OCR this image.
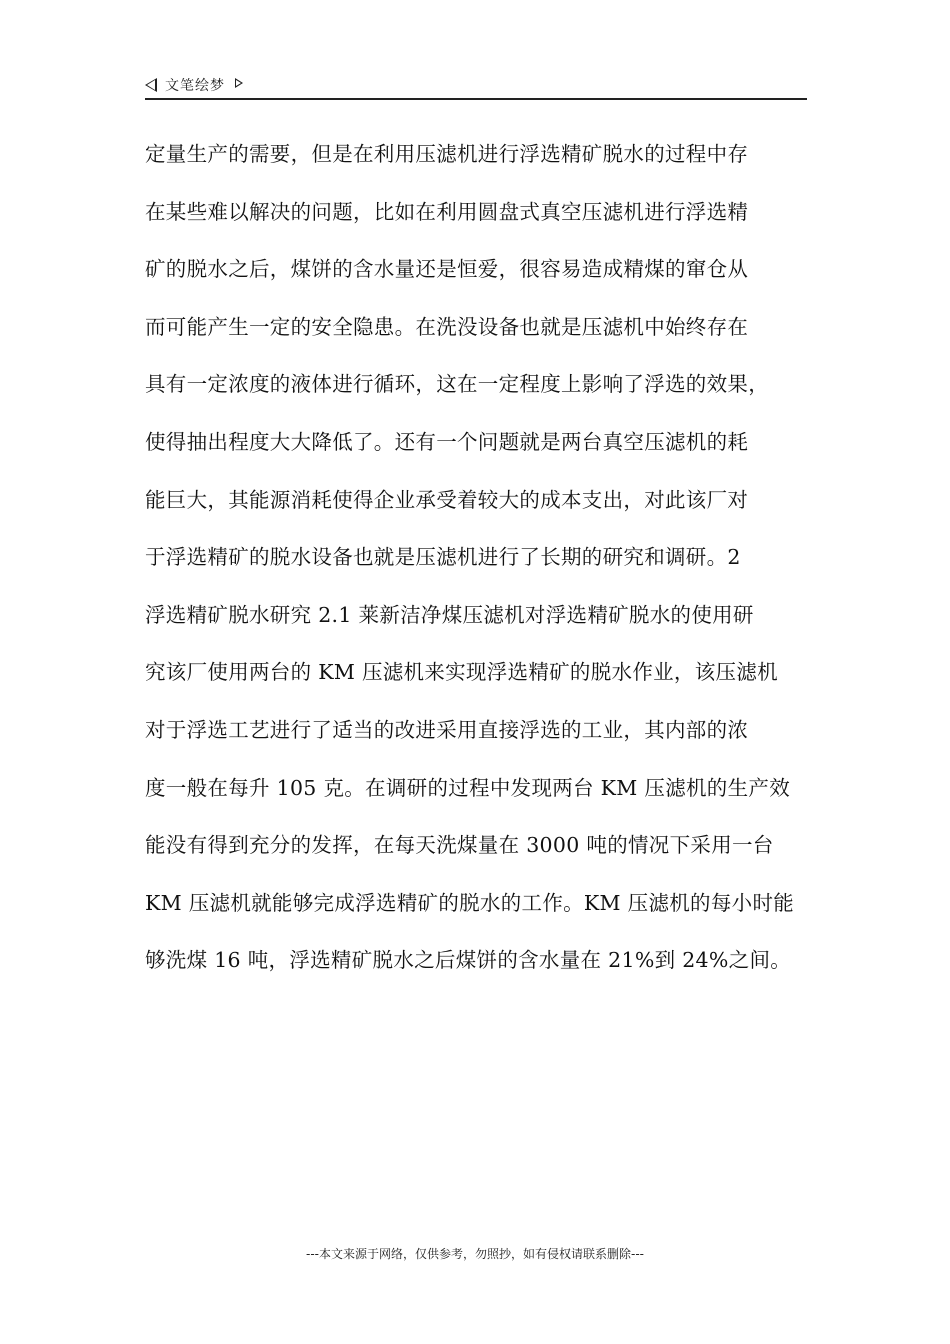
文笔绘梦
定量生产的需要，但是在利用压滤机进行浮选精矿脱水的过程中存
在某些难以解决的问题，比如在利用圆盘式真空压滤机进行浮选精
矿的脱水之后，煤饼的含水量还是恒爱，很容易造成精煤的窜仓从
而可能产生一定的安全隐患。在洗没设备也就是压滤机中始终存在
具有一定浓度的液体进行循环，这在一定程度上影响了浮选的效果，
使得抽出程度大大降低了。还有一个问题就是两台真空压滤机的耗
能巨大，其能源消耗使得企业承受着较大的成本支出，对此该厂对
于浮选精矿的脱水设备也就是压滤机进行了长期的研究和调研。2
浮选精矿脱水研究 2.1 莱新洁净煤压滤机对浮选精矿脱水的使用研
究该厂使用两台的 KM 压滤机来实现浮选精矿的脱水作业，该压滤机
对于浮选工艺进行了适当的改进采用直接浮选的工业，其内部的浓
度一般在每升 105 克。在调研的过程中发现两台 KM 压滤机的生产效
能没有得到充分的发挥，在每天洗煤量在 3000 吨的情况下采用一台
KM 压滤机就能够完成浮选精矿的脱水的工作。KM 压滤机的每小时能
够洗煤 16 吨，浮选精矿脱水之后煤饼的含水量在 21%到 24%之间。
---本文来源于网络，仅供参考，勿照抄，如有侵权请联系删除---
